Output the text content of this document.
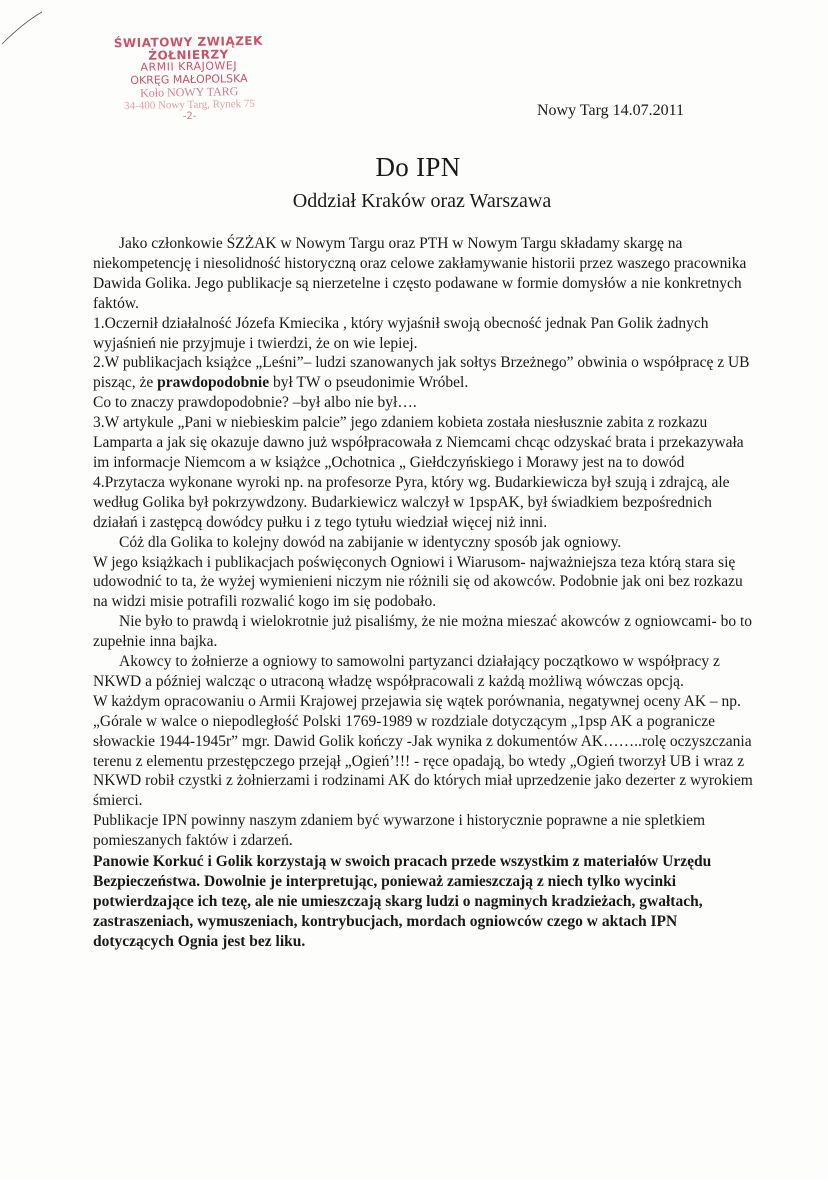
ŚWIATOWY ZWIĄZEK ŻOŁNIERZY
ARMII KRAJOWEJ
OKRĘG MAŁOPOLSKA
Koło NOWY TARG
34-400 Nowy Targ, Rynek 75
-2-	Nowy Targ 14.07.2011
Do IPN
Oddział Kraków oraz Warszawa

Jako członkowie ŚZŻAK w Nowym Targu oraz PTH w Nowym Targu składamy skargę na niekompetencję i niesolidność historyczną oraz celowe zakłamywanie historii przez waszego pracownika Dawida Golika. Jego publikacje są nierzetelne i często podawane w formie domysłów a nie konkretnych faktów.

1.Oczernił działalność Józefa Kmiecika , który wyjaśnił swoją obecność jednak Pan Golik żadnych wyjaśnień nie przyjmuje i twierdzi, że on wie lepiej.

2.W publikacjach książce „Leśni”– ludzi szanowanych jak sołtys Brzeżnego” obwinia o współpracę z UB pisząc, że prawdopodobnie był TW o pseudonimie Wróbel.

Co to znaczy prawdopodobnie? –był albo nie był….

3.W artykule „Pani w niebieskim palcie” jego zdaniem kobieta została niesłusznie zabita z rozkazu Lamparta a jak się okazuje dawno już współpracowała z Niemcami chcąc odzyskać brata i przekazywała im informacje Niemcom a w książce „Ochotnica „ Giełdczyńskiego i Morawy jest na to dowód

4.Przytacza wykonane wyroki np. na profesorze Pyra, który wg. Budarkiewicza był szują i zdrajcą, ale według Golika był pokrzywdzony. Budarkiewicz walczył w 1pspAK, był świadkiem bezpośrednich działań i zastępcą dowódcy pułku i z tego tytułu wiedział więcej niż inni.

Cóż dla Golika to kolejny dowód na zabijanie w identyczny sposób jak ogniowy.

W jego książkach i publikacjach poświęconych Ogniowi i Wiarusom- najważniejsza teza którą stara się udowodnić to ta, że wyżej wymienieni niczym nie różnili się od akowców. Podobnie jak oni bez rozkazu na widzi misie potrafili rozwalić kogo im się podobało.

Nie było to prawdą i wielokrotnie już pisaliśmy, że nie można mieszać akowców z ogniowcami- bo to zupełnie inna bajka.

Akowcy to żołnierze a ogniowy to samowolni partyzanci działający początkowo w współpracy z NKWD a później walcząc o utraconą władzę współpracowali z każdą możliwą wówczas opcją.

W każdym opracowaniu o Armii Krajowej przejawia się wątek porównania, negatywnej oceny AK – np. „Górale w walce o niepodległość Polski 1769-1989 w rozdziale dotyczącym „1psp AK a pogranicze słowackie 1944-1945r” mgr. Dawid Golik kończy -Jak wynika z dokumentów AK……..rolę oczyszczania terenu z elementu przestępczego przejął „Ogień’!!! - ręce opadają, bo wtedy „Ogień tworzył UB i wraz z NKWD robił czystki z żołnierzami i rodzinami AK do których miał uprzedzenie jako dezerter z wyrokiem śmierci.

Publikacje IPN powinny naszym zdaniem być wywarzone i historycznie poprawne a nie spletkiem pomieszanych faktów i zdarzeń.

Panowie Korkuć i Golik korzystają w swoich pracach przede wszystkim z materiałów Urzędu Bezpieczeństwa. Dowolnie je interpretując, ponieważ zamieszczają z niech tylko wycinki potwierdzające ich tezę, ale nie umieszczają skarg ludzi o nagminych kradzieżach, gwałtach, zastraszeniach, wymuszeniach, kontrybucjach, mordach ogniowców czego w aktach IPN dotyczących Ognia jest bez liku.
